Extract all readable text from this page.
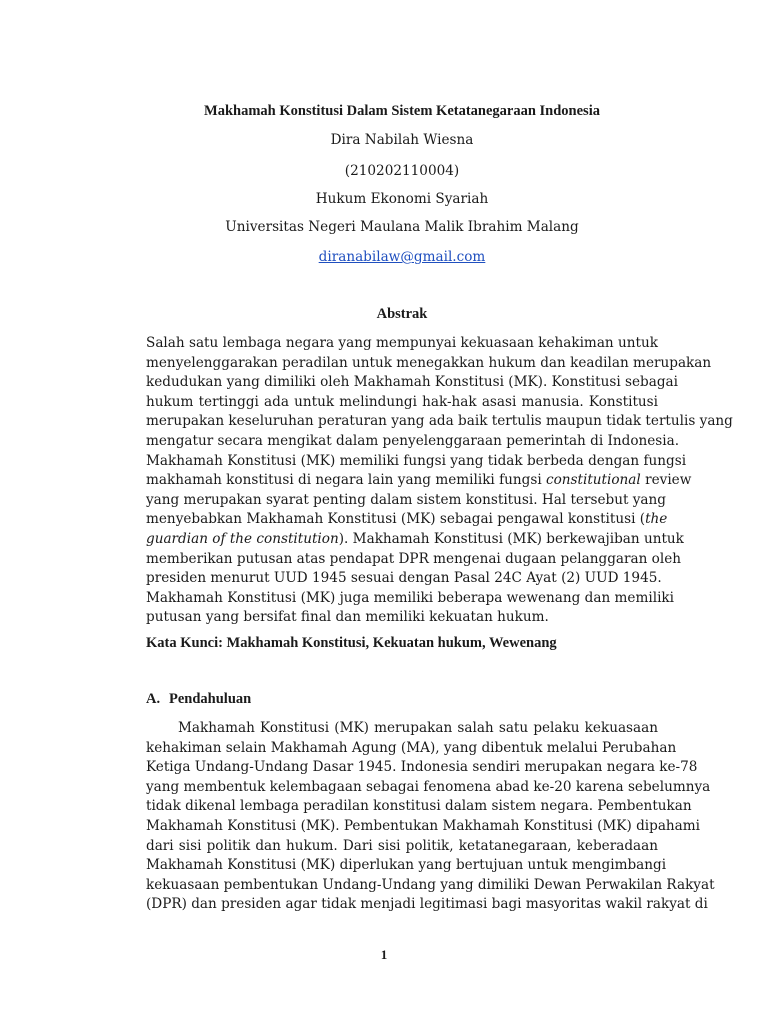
Makhamah Konstitusi Dalam Sistem Ketatanegaraan Indonesia
Dira Nabilah Wiesna
(210202110004)
Hukum Ekonomi Syariah
Universitas Negeri Maulana Malik Ibrahim Malang
diranabilaw@gmail.com
Abstrak
Salah satu lembaga negara yang mempunyai kekuasaan kehakiman untuk
menyelenggarakan peradilan untuk menegakkan hukum dan keadilan merupakan
kedudukan yang dimiliki oleh Makhamah Konstitusi (MK). Konstitusi sebagai
hukum tertinggi ada untuk melindungi hak-hak asasi manusia. Konstitusi
merupakan keseluruhan peraturan yang ada baik tertulis maupun tidak tertulis yang
mengatur secara mengikat dalam penyelenggaraan pemerintah di Indonesia.
Makhamah Konstitusi (MK) memiliki fungsi yang tidak berbeda dengan fungsi
makhamah konstitusi di negara lain yang memiliki fungsi constitutional review
yang merupakan syarat penting dalam sistem konstitusi. Hal tersebut yang
menyebabkan Makhamah Konstitusi (MK) sebagai pengawal konstitusi (the
guardian of the constitution). Makhamah Konstitusi (MK) berkewajiban untuk
memberikan putusan atas pendapat DPR mengenai dugaan pelanggaran oleh
presiden menurut UUD 1945 sesuai dengan Pasal 24C Ayat (2) UUD 1945.
Makhamah Konstitusi (MK) juga memiliki beberapa wewenang dan memiliki
putusan yang bersifat final dan memiliki kekuatan hukum.
Kata Kunci: Makhamah Konstitusi, Kekuatan hukum, Wewenang
A. Pendahuluan
Makhamah Konstitusi (MK) merupakan salah satu pelaku kekuasaan
kehakiman selain Makhamah Agung (MA), yang dibentuk melalui Perubahan
Ketiga Undang-Undang Dasar 1945. Indonesia sendiri merupakan negara ke-78
yang membentuk kelembagaan sebagai fenomena abad ke-20 karena sebelumnya
tidak dikenal lembaga peradilan konstitusi dalam sistem negara. Pembentukan
Makhamah Konstitusi (MK). Pembentukan Makhamah Konstitusi (MK) dipahami
dari sisi politik dan hukum. Dari sisi politik, ketatanegaraan, keberadaan
Makhamah Konstitusi (MK) diperlukan yang bertujuan untuk mengimbangi
kekuasaan pembentukan Undang-Undang yang dimiliki Dewan Perwakilan Rakyat
(DPR) dan presiden agar tidak menjadi legitimasi bagi masyoritas wakil rakyat di
1
